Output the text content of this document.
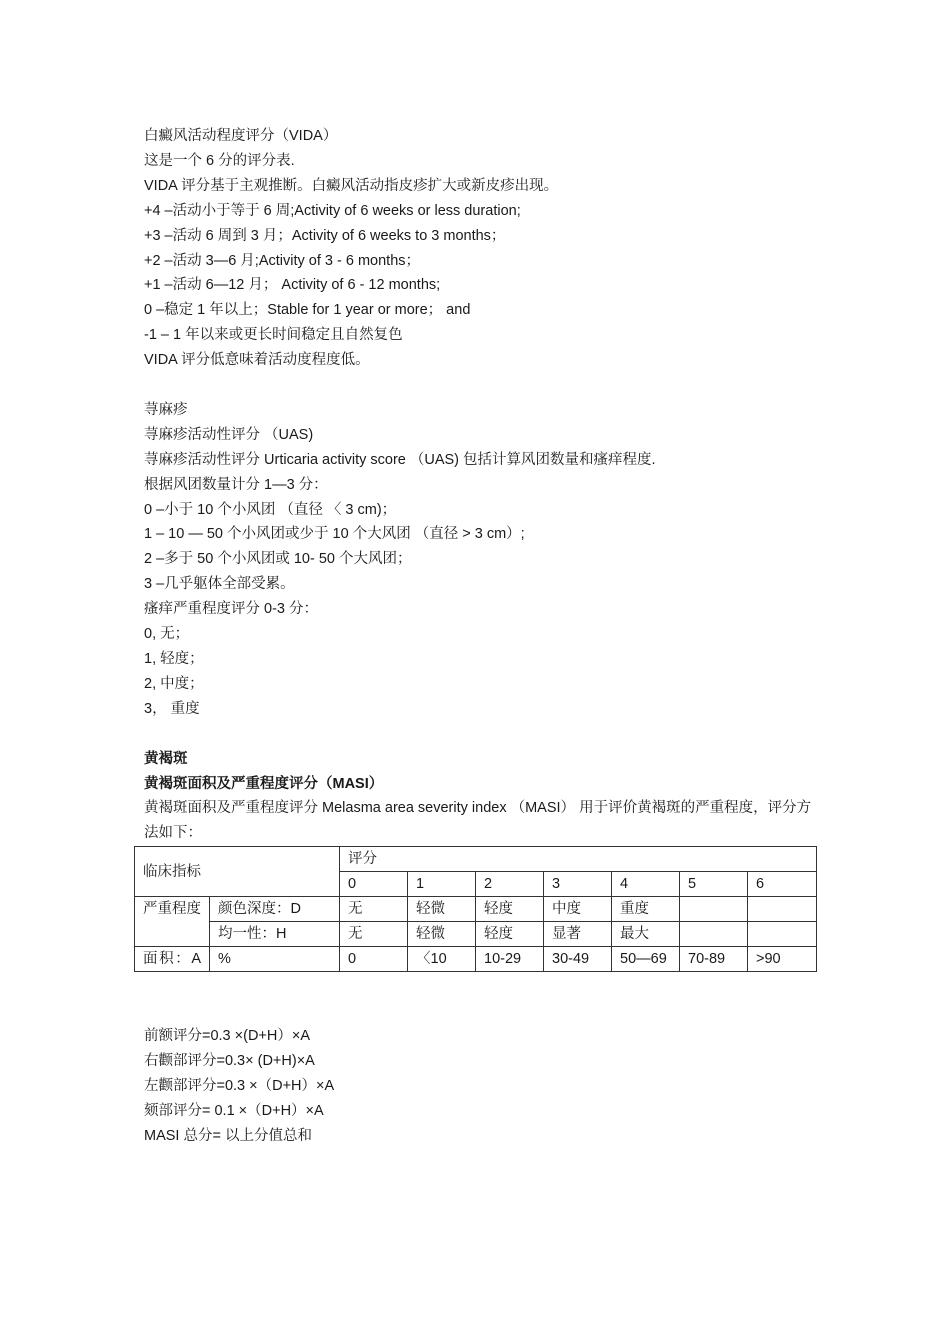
白癜风活动程度评分（VIDA）

这是一个 6 分的评分表.

VIDA 评分基于主观推断。白癜风活动指皮疹扩大或新皮疹出现。

+4 –活动小于等于 6 周;Activity of 6 weeks or less duration;

+3 –活动 6 周到 3 月；Activity of 6 weeks to 3 months；

+2 –活动 3—6 月;Activity of 3 - 6 months；

+1 –活动 6—12 月； Activity of 6 - 12 months;

0 –稳定 1 年以上；Stable for 1 year or more； and

-1 – 1 年以来或更长时间稳定且自然复色

VIDA 评分低意味着活动度程度低。

荨麻疹

荨麻疹活动性评分 （UAS)

荨麻疹活动性评分 Urticaria activity score （UAS) 包括计算风团数量和瘙痒程度.

根据风团数量计分 1—3 分：

0 –小于 10 个小风团 （直径 〈 3 cm)；

1 – 10 — 50 个小风团或少于 10 个大风团 （直径 > 3 cm）;

2 –多于 50 个小风团或 10- 50 个大风团；

3 –几乎躯体全部受累。

瘙痒严重程度评分 0-3 分：

0, 无；

1, 轻度；

2, 中度；

3， 重度

黄褐斑

黄褐斑面积及严重程度评分（MASI）

黄褐斑面积及严重程度评分 Melasma area severity index （MASI） 用于评价黄褐斑的严重程度，评分方法如下：

临床指标		评分						
		0	1	2	3	4	5	6

严重程度	颜色深度：D	无	轻微	轻度	中度	重度		
	均一性：H	无	轻微	轻度	显著	最大		

面积：A	%	0	〈10	10-29	30-49	50—69	70-89	>90

前额评分=0.3 ×(D+H）×A

右颧部评分=0.3× (D+H)×A

左颧部评分=0.3 ×（D+H）×A

颏部评分= 0.1 ×（D+H）×A

MASI 总分= 以上分值总和
